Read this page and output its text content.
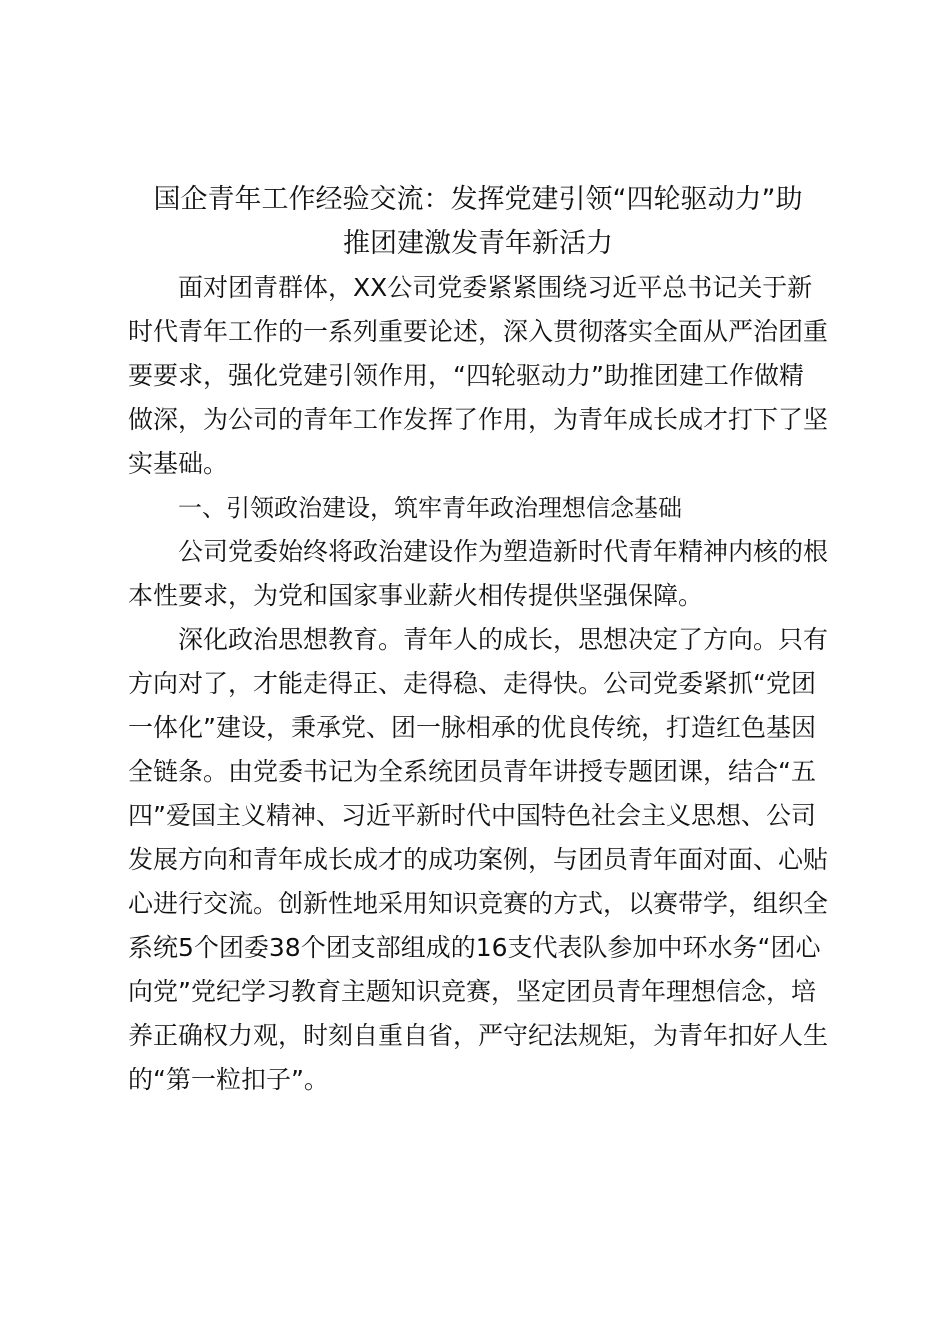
国企青年工作经验交流：发挥党建引领“四轮驱动力”助
推团建激发青年新活力

面对团青群体，XX公司党委紧紧围绕习近平总书记关于新时代青年工作的一系列重要论述，深入贯彻落实全面从严治团重要要求，强化党建引领作用，“四轮驱动力”助推团建工作做精做深，为公司的青年工作发挥了作用，为青年成长成才打下了坚实基础。

一、引领政治建设，筑牢青年政治理想信念基础

公司党委始终将政治建设作为塑造新时代青年精神内核的根本性要求，为党和国家事业薪火相传提供坚强保障。

深化政治思想教育。青年人的成长，思想决定了方向。只有方向对了，才能走得正、走得稳、走得快。公司党委紧抓“党团一体化”建设，秉承党、团一脉相承的优良传统，打造红色基因全链条。由党委书记为全系统团员青年讲授专题团课，结合“五四”爱国主义精神、习近平新时代中国特色社会主义思想、公司发展方向和青年成长成才的成功案例，与团员青年面对面、心贴心进行交流。创新性地采用知识竞赛的方式，以赛带学，组织全系统5个团委38个团支部组成的16支代表队参加中环水务“团心向党”党纪学习教育主题知识竞赛，坚定团员青年理想信念，培养正确权力观，时刻自重自省，严守纪法规矩，为青年扣好人生的“第一粒扣子”。
